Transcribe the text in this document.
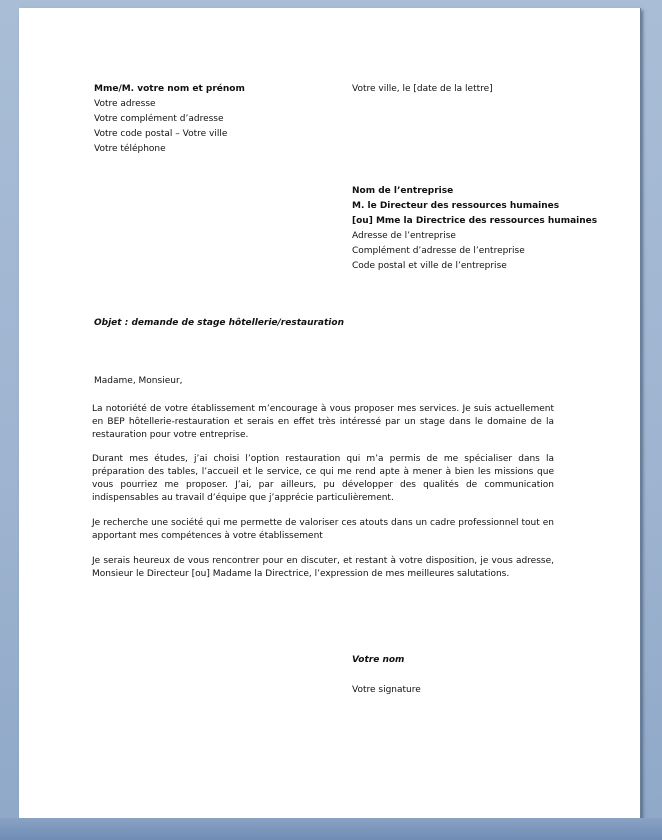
Mme/M. votre nom et prénom
Votre adresse
Votre complément d’adresse
Votre code postal – Votre ville
Votre téléphone
Votre ville, le [date de la lettre]
Nom de l’entreprise
M. le Directeur des ressources humaines
[ou] Mme la Directrice des ressources humaines
Adresse de l’entreprise
Complément d’adresse de l’entreprise
Code postal et ville de l’entreprise
Objet : demande de stage hôtellerie/restauration
Madame, Monsieur,
La notoriété de votre établissement m’encourage à vous proposer mes services. Je suis actuellement en BEP hôtellerie-restauration et serais en effet très intéressé par un stage dans le domaine de la restauration pour votre entreprise.
Durant mes études, j’ai choisi l’option restauration qui m’a permis de me spécialiser dans la préparation des tables, l’accueil et le service, ce qui me rend apte à mener à bien les missions que vous pourriez me proposer. J’ai, par ailleurs, pu développer des qualités de communication indispensables au travail d’équipe que j’apprécie particulièrement.
Je recherche une société qui me permette de valoriser ces atouts dans un cadre professionnel tout en apportant mes compétences à votre établissement
Je serais heureux de vous rencontrer pour en discuter, et restant à votre disposition, je vous adresse, Monsieur le Directeur [ou] Madame la Directrice, l’expression de mes meilleures salutations.
Votre nom
Votre signature
